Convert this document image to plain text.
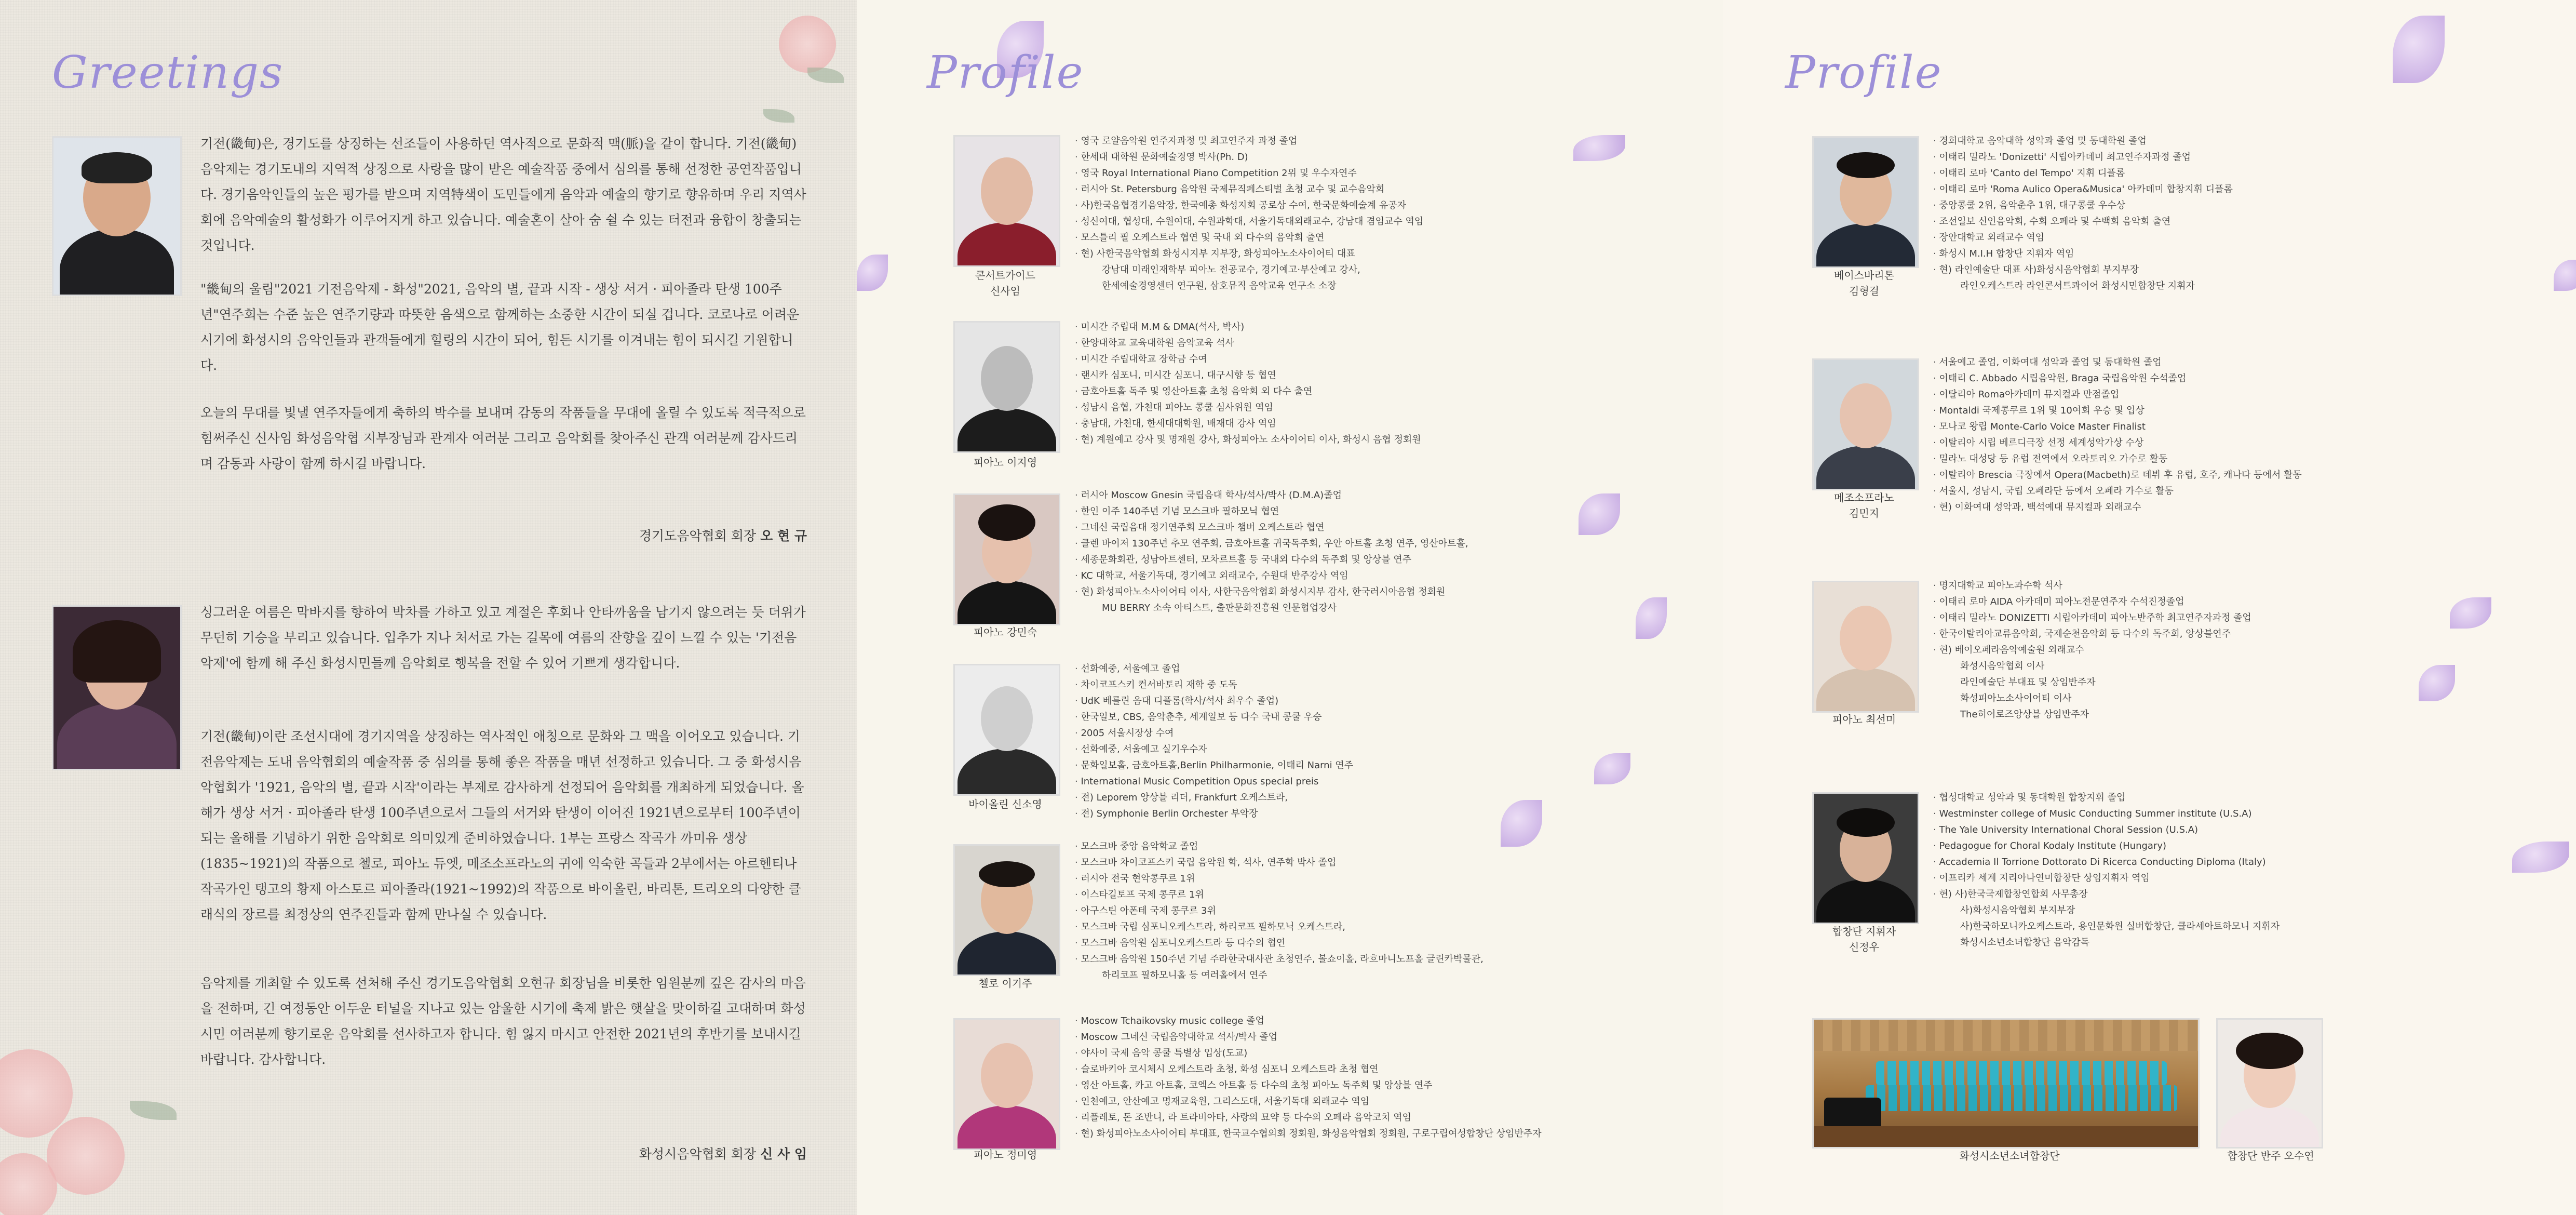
Greetings
기전(畿甸)은, 경기도를 상징하는 선조들이 사용하던 역사적으로 문화적 맥(脈)을 같이 합니다. 기전(畿甸)음악제는 경기도내의 지역적 상징으로 사랑을 많이 받은 예술작품 중에서 심의를 통해 선정한 공연작품입니다. 경기음악인들의 높은 평가를 받으며 지역特색이 도민들에게 음악과 예술의 향기로 향유하며 우리 지역사회에 음악예술의 활성화가 이루어지게 하고 있습니다. 예술혼이 살아 숨 쉴 수 있는 터전과 융합이 창출되는 것입니다.
"畿甸의 울림"2021 기전음악제 - 화성"2021, 음악의 별, 끝과 시작 - 생상 서거 · 피아졸라 탄생 100주년"연주회는 수준 높은 연주기량과 따뜻한 음색으로 함께하는 소중한 시간이 되실 겁니다. 코로나로 어려운 시기에 화성시의 음악인들과 관객들에게 힐링의 시간이 되어, 힘든 시기를 이겨내는 힘이 되시길 기원합니다.
오늘의 무대를 빛낼 연주자들에게 축하의 박수를 보내며 감동의 작품들을 무대에 올릴 수 있도록 적극적으로 힘써주신 신사임 화성음악협 지부장님과 관계자 여러분 그리고 음악회를 찾아주신 관객 여러분께 감사드리며 감동과 사랑이 함께 하시길 바랍니다.
경기도음악협회 회장 오 현 규
싱그러운 여름은 막바지를 향하여 박차를 가하고 있고 계절은 후회나 안타까움을 남기지 않으려는 듯 더위가 무던히 기승을 부리고 있습니다. 입추가 지나 처서로 가는 길목에 여름의 잔향을 깊이 느낄 수 있는 '기전음악제'에 함께 해 주신 화성시민들께 음악회로 행복을 전할 수 있어 기쁘게 생각합니다.
기전(畿甸)이란 조선시대에 경기지역을 상징하는 역사적인 애칭으로 문화와 그 맥을 이어오고 있습니다. 기전음악제는 도내 음악협회의 예술작품 중 심의를 통해 좋은 작품을 매년 선정하고 있습니다. 그 중 화성시음악협회가 '1921, 음악의 별, 끝과 시작'이라는 부제로 감사하게 선정되어 음악회를 개최하게 되었습니다. 올해가 생상 서거 · 피아졸라 탄생 100주년으로서 그들의 서거와 탄생이 이어진 1921년으로부터 100주년이 되는 올해를 기념하기 위한 음악회로 의미있게 준비하였습니다. 1부는 프랑스 작곡가 까미유 생상(1835~1921)의 작품으로 첼로, 피아노 듀엣, 메조소프라노의 귀에 익숙한 곡들과 2부에서는 아르헨티나 작곡가인 탱고의 황제 아스토르 피아졸라(1921~1992)의 작품으로 바이올린, 바리톤, 트리오의 다양한 클래식의 장르를 최정상의 연주진들과 함께 만나실 수 있습니다.
음악제를 개최할 수 있도록 선처해 주신 경기도음악협회 오현규 회장님을 비롯한 임원분께 깊은 감사의 마음을 전하며, 긴 여정동안 어두운 터널을 지나고 있는 암울한 시기에 축제 밝은 햇살을 맞이하길 고대하며 화성시민 여러분께 향기로운 음악회를 선사하고자 합니다. 힘 잃지 마시고 안전한 2021년의 후반기를 보내시길 바랍니다. 감사합니다.
화성시음악협회 회장 신 사 임
Profile
콘서트가이드
신사임
· 영국 로얄음악원 연주자과정 및 최고연주자 과정 졸업
· 한세대 대학원 문화예술경영 박사(Ph. D)
· 영국 Royal International Piano Competition 2위 및 우수자연주
· 러시아 St. Petersburg 음악원 국제뮤직페스티벌 초청 교수 및 교수음악회
· 사)한국음협경기음악장, 한국예총 화성지회 공로상 수여, 한국문화예술계 유공자
· 성신여대, 협성대, 수원여대, 수원과학대, 서울기독대외래교수, 강남대 겸임교수 역임
· 모스틀리 필 오케스트라 협연 및 국내 외 다수의 음악회 출연
· 현) 사한국음악협회 화성시지부 지부장, 화성피아노소사이어티 대표
강남대 미래인재학부 피아노 전공교수, 경기예고·부산예고 강사,
한세예술경영센터 연구원, 삼호뮤직 음악교육 연구소 소장
피아노 이지영
· 미시간 주립대 M.M & DMA(석사, 박사)
· 한양대학교 교육대학원 음악교육 석사
· 미시간 주립대학교 장학금 수여
· 랜시카 심포니, 미시간 심포니, 대구시향 등 협연
· 금호아트홀 독주 및 영산아트홀 초청 음악회 외 다수 출연
· 성남시 음협, 가천대 피아노 콩쿨 심사위원 역임
· 충남대, 가천대, 한세대대학원, 배재대 강사 역임
· 현) 계원예고 강사 및 명재원 강사, 화성피아노 소사이어티 이사, 화성시 음협 정회원
피아노 강민숙
· 러시아 Moscow Gnesin 국립음대 학사/석사/박사 (D.M.A)졸업
· 한인 이주 140주년 기념 모스크바 필하모닉 협연
· 그네신 국립음대 정기연주회 모스크바 챔버 오케스트라 협연
· 클렌 바이저 130주년 추모 연주회, 금호아트홀 귀국독주회, 우안 아트홀 초청 연주, 영산아트홀,
· 세종문화회관, 성남아트센터, 모차르트홀 등 국내외 다수의 독주회 및 앙상블 연주
· KC 대학교, 서울기독대, 경기예고 외래교수, 수원대 반주강사 역임
· 현) 화성피아노소사이어티 이사, 사한국음악협회 화성시지부 감사, 한국러시아음협 정회원
MU BERRY 소속 아티스트, 출판문화진흥원 인문협업강사
바이올린 신소영
· 선화예중, 서울예고 졸업
· 차이코프스키 컨서바토리 재학 중 도독
· UdK 베를린 음대 디플롬(학사/석사 최우수 졸업)
· 한국일보, CBS, 음악춘추, 세계일보 등 다수 국내 콩쿨 우승
· 2005 서울시장상 수여
· 선화예중, 서울예고 실기우수자
· 문화일보홀, 금호아트홀,Berlin Philharmonie, 이태리 Narni 연주
· International Music Competition Opus special preis
· 전) Leporem 앙상블 리더, Frankfurt 오케스트라,
· 전) Symphonie Berlin Orchester 부악장
첼로 이기주
· 모스크바 중앙 음악학교 졸업
· 모스크바 차이코프스키 국립 음악원 학, 석사, 연주학 박사 졸업
· 러시아 전국 현악콩쿠르 1위
· 이스타길토프 국제 콩쿠르 1위
· 아구스틴 아폰테 국제 콩쿠르 3위
· 모스크바 국립 심포니오케스트라, 하리코프 필하모닉 오케스트라,
· 모스크바 음악원 심포니오케스트라 등 다수의 협연
· 모스크바 음악원 150주년 기념 주라한국대사관 초청연주, 볼쇼이홀, 라흐마니노프홀 글린카박물관,
하리코프 필하모니홀 등 여러홀에서 연주
피아노 정미영
· Moscow Tchaikovsky music college 졸업
· Moscow 그네신 국립음악대학교 석사/박사 졸업
· 야사이 국제 음악 콩쿨 특별상 입상(도교)
· 슬로바키아 코시체시 오케스트라 초청, 화성 심포니 오케스트라 초청 협연
· 영산 아트홀, 카고 아트홀, 코엑스 아트홀 등 다수의 초청 피아노 독주회 및 앙상블 연주
· 인천예고, 안산예고 명재교육원, 그리스도대, 서울기독대 외래교수 역임
· 리플레토, 돈 조반니, 라 트라비아타, 사랑의 묘약 등 다수의 오페라 음악코치 역임
· 현) 화성피아노소사이어티 부대표, 한국교수협의회 정회원, 화성음악협회 정회원, 구로구립여성합창단 상임반주자
Profile
베이스바리톤
김형걸
· 경희대학교 음악대학 성악과 졸업 및 동대학원 졸업
· 이태리 밀라노 'Donizetti' 시립아카데미 최고연주자과정 졸업
· 이태리 로마 'Canto del Tempo' 지휘 디플롬
· 이태리 로마 'Roma Aulico Opera&Musica' 아카데미 합창지휘 디플롬
· 중앙콩쿨 2위, 음악춘추 1위, 대구콩쿨 우수상
· 조선일보 신인음악회, 수회 오페라 및 수백회 음악회 출연
· 장안대학교 외래교수 역임
· 화성시 M.I.H 합창단 지휘자 역임
· 현) 라인예술단 대표 사)화성시음악협회 부지부장
라인오케스트라 라인콘서트콰이어 화성시민합창단 지휘자
메조소프라노
김민지
· 서울예고 졸업, 이화여대 성악과 졸업 및 동대학원 졸업
· 이태리 C. Abbado 시립음악원, Braga 국립음악원 수석졸업
· 이탈리아 Roma아카데미 뮤지컬과 만점졸업
· Montaldi 국제콩쿠르 1위 및 10여회 우승 및 입상
· 모나코 왕립 Monte-Carlo Voice Master Finalist
· 이탈리아 시립 베르디극장 선정 세계성악가상 수상
· 밀라노 대성당 등 유럽 전역에서 오라토리오 가수로 활동
· 이탈리아 Brescia 극장에서 Opera(Macbeth)로 데뷔 후 유럽, 호주, 캐나다 등에서 활동
· 서울시, 성남시, 국립 오페라단 등에서 오페라 가수로 활동
· 현) 이화여대 성악과, 백석예대 뮤지컬과 외래교수
피아노 최선미
· 명지대학교 피아노과수학 석사
· 이태리 로마 AIDA 아카데미 피아노전문연주자 수석진정졸업
· 이태리 밀라노 DONIZETTI 시립아카데미 피아노반주학 최고연주자과정 졸업
· 한국이탈리아교류음악회, 국제순천음악회 등 다수의 독주회, 앙상블연주
· 현) 베이오페라음악예술원 외래교수
화성시음악협회 이사
라인예술단 부대표 및 상임반주자
화성피아노소사이어티 이사
The히어로즈앙상블 상임반주자
합창단 지휘자
신정우
· 협성대학교 성악과 및 동대학원 합창지휘 졸업
· Westminster college of Music Conducting Summer institute (U.S.A)
· The Yale University International Choral Session (U.S.A)
· Pedagogue for Choral Kodaly Institute (Hungary)
· Accademia Il Torrione Dottorato Di Ricerca Conducting Diploma (Italy)
· 이프리카 세계 지리아나연미합창단 상임지휘자 역임
· 현) 사)한국국제합창연합회 사무총장
사)화성시음악협회 부지부장
사)한국하모니카오케스트라, 용인문화원 실버합창단, 클라세아트하모니 지휘자
화성시소년소녀합창단 음악감독
화성시소년소녀합창단	합창단 반주 오수연
